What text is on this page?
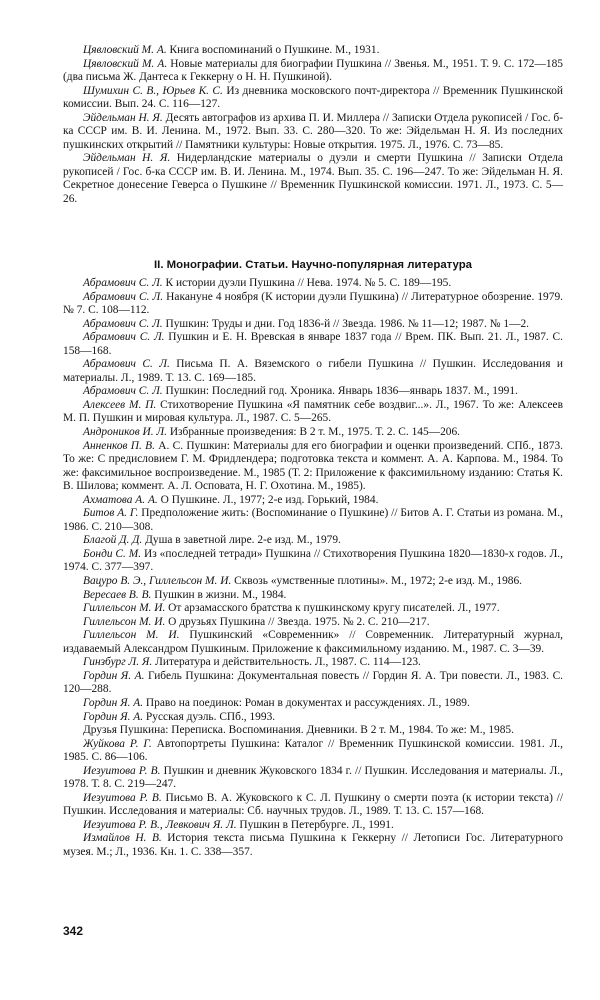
Цявловский М. А. Книга воспоминаний о Пушкине. М., 1931.

Цявловский М. А. Новые материалы для биографии Пушкина // Звенья. М., 1951. Т. 9. С. 172—185 (два письма Ж. Дантеса к Геккерну о Н. Н. Пушкиной).

Шумихин С. В., Юрьев К. С. Из дневника московского почт-директора // Временник Пушкинской комиссии. Вып. 24. С. 116—127.

Эйдельман Н. Я. Десять автографов из архива П. И. Миллера // Записки Отдела рукописей / Гос. б-ка СССР им. В. И. Ленина. М., 1972. Вып. 33. С. 280—320. То же: Эйдельман Н. Я. Из последних пушкинских открытий // Памятники культуры: Новые открытия. 1975. Л., 1976. С. 73—85.

Эйдельман Н. Я. Нидерландские материалы о дуэли и смерти Пушкина // Записки Отдела рукописей / Гос. б-ка СССР им. В. И. Ленина. М., 1974. Вып. 35. С. 196—247. То же: Эйдельман Н. Я. Секретное донесение Геверса о Пушкине // Временник Пушкинской комиссии. 1971. Л., 1973. С. 5—26.

II. Монографии. Статьи. Научно-популярная литература

Абрамович С. Л. К истории дуэли Пушкина // Нева. 1974. № 5. С. 189—195.

Абрамович С. Л. Накануне 4 ноября (К истории дуэли Пушкина) // Литературное обозрение. 1979. № 7. С. 108—112.

Абрамович С. Л. Пушкин: Труды и дни. Год 1836-й // Звезда. 1986. № 11—12; 1987. № 1—2.

Абрамович С. Л. Пушкин и Е. Н. Вревская в январе 1837 года // Врем. ПК. Вып. 21. Л., 1987. С. 158—168.

Абрамович С. Л. Письма П. А. Вяземского о гибели Пушкина // Пушкин. Исследования и материалы. Л., 1989. Т. 13. С. 169—185.

Абрамович С. Л. Пушкин: Последний год. Хроника. Январь 1836—январь 1837. М., 1991.

Алексеев М. П. Стихотворение Пушкина «Я памятник себе воздвиг...». Л., 1967. То же: Алексеев М. П. Пушкин и мировая культура. Л., 1987. С. 5—265.

Андроников И. Л. Избранные произведения: В 2 т. М., 1975. Т. 2. С. 145—206.

Анненков П. В. А. С. Пушкин: Материалы для его биографии и оценки произведений. СПб., 1873. То же: С предисловием Г. М. Фридлендера; подготовка текста и коммент. А. А. Карпова. М., 1984. То же: факсимильное воспроизведение. М., 1985 (Т. 2: Приложение к факсимильному изданию: Статья К. В. Шилова; коммент. А. Л. Осповата, Н. Г. Охотина. М., 1985).

Ахматова А. А. О Пушкине. Л., 1977; 2-е изд. Горький, 1984.

Битов А. Г. Предположение жить: (Воспоминание о Пушкине) // Битов А. Г. Статьи из романа. М., 1986. С. 210—308.

Благой Д. Д. Душа в заветной лире. 2-е изд. М., 1979.

Бонди С. М. Из «последней тетради» Пушкина // Стихотворения Пушкина 1820—1830-х годов. Л., 1974. С. 377—397.

Вацуро В. Э., Гиллельсон М. И. Сквозь «умственные плотины». М., 1972; 2-е изд. М., 1986.

Вересаев В. В. Пушкин в жизни. М., 1984.

Гиллельсон М. И. От арзамасского братства к пушкинскому кругу писателей. Л., 1977.

Гиллельсон М. И. О друзьях Пушкина // Звезда. 1975. № 2. С. 210—217.

Гиллельсон М. И. Пушкинский «Современник» // Современник. Литературный журнал, издаваемый Александром Пушкиным. Приложение к факсимильному изданию. М., 1987. С. 3—39.

Гинзбург Л. Я. Литература и действительность. Л., 1987. С. 114—123.

Гордин Я. А. Гибель Пушкина: Документальная повесть // Гордин Я. А. Три повести. Л., 1983. С. 120—288.

Гордин Я. А. Право на поединок: Роман в документах и рассуждениях. Л., 1989.

Гордин Я. А. Русская дуэль. СПб., 1993.

Друзья Пушкина: Переписка. Воспоминания. Дневники. В 2 т. М., 1984. То же: М., 1985.

Жуйкова Р. Г. Автопортреты Пушкина: Каталог // Временник Пушкинской комиссии. 1981. Л., 1985. С. 86—106.

Иезуитова Р. В. Пушкин и дневник Жуковского 1834 г. // Пушкин. Исследования и материалы. Л., 1978. Т. 8. С. 219—247.

Иезуитова Р. В. Письмо В. А. Жуковского к С. Л. Пушкину о смерти поэта (к истории текста) // Пушкин. Исследования и материалы: Сб. научных трудов. Л., 1989. Т. 13. С. 157—168.

Иезуитова Р. В., Левкович Я. Л. Пушкин в Петербурге. Л., 1991.

Измайлов Н. В. История текста письма Пушкина к Геккерну // Летописи Гос. Литературного музея. М.; Л., 1936. Кн. 1. С. 338—357.

342
